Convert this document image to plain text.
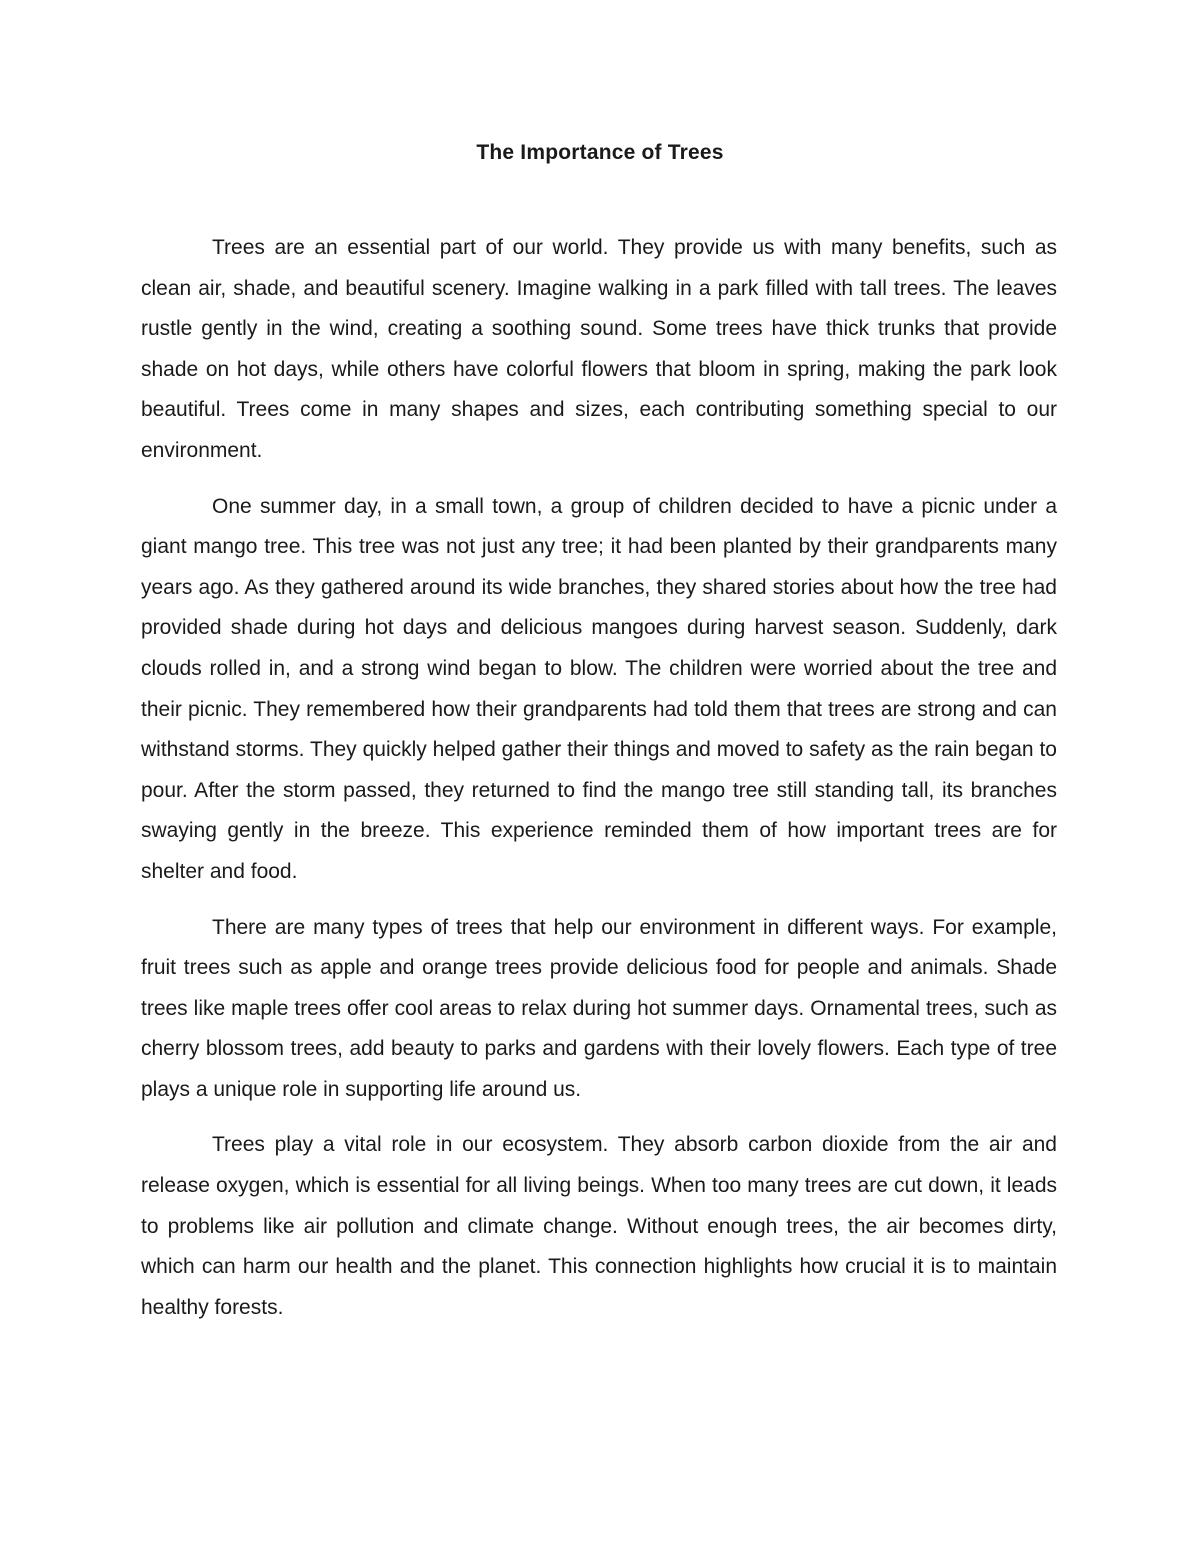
The Importance of Trees

Trees are an essential part of our world. They provide us with many benefits, such as clean air, shade, and beautiful scenery. Imagine walking in a park filled with tall trees. The leaves rustle gently in the wind, creating a soothing sound. Some trees have thick trunks that provide shade on hot days, while others have colorful flowers that bloom in spring, making the park look beautiful. Trees come in many shapes and sizes, each contributing something special to our environment.

One summer day, in a small town, a group of children decided to have a picnic under a giant mango tree. This tree was not just any tree; it had been planted by their grandparents many years ago. As they gathered around its wide branches, they shared stories about how the tree had provided shade during hot days and delicious mangoes during harvest season. Suddenly, dark clouds rolled in, and a strong wind began to blow. The children were worried about the tree and their picnic. They remembered how their grandparents had told them that trees are strong and can withstand storms. They quickly helped gather their things and moved to safety as the rain began to pour. After the storm passed, they returned to find the mango tree still standing tall, its branches swaying gently in the breeze. This experience reminded them of how important trees are for shelter and food.

There are many types of trees that help our environment in different ways. For example, fruit trees such as apple and orange trees provide delicious food for people and animals. Shade trees like maple trees offer cool areas to relax during hot summer days. Ornamental trees, such as cherry blossom trees, add beauty to parks and gardens with their lovely flowers. Each type of tree plays a unique role in supporting life around us.

Trees play a vital role in our ecosystem. They absorb carbon dioxide from the air and release oxygen, which is essential for all living beings. When too many trees are cut down, it leads to problems like air pollution and climate change. Without enough trees, the air becomes dirty, which can harm our health and the planet. This connection highlights how crucial it is to maintain healthy forests.
